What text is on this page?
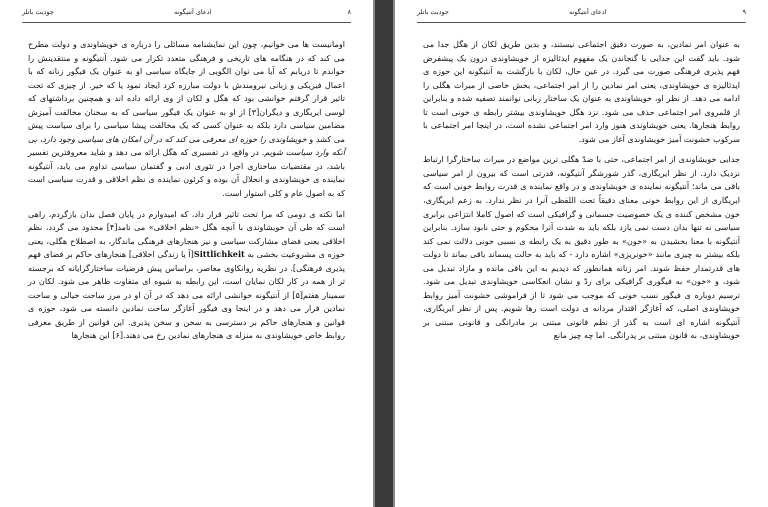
جودیث باتلر	ادعای آنتیگونه	۸

اومانیست ها می خوانیم، چون این نمایشنامه مسائلی را درباره ی خویشاوندی و دولت مطرح می کند که در هنگامه های تاریخی و فرهنگی متعدد تکرار می شود. آنتیگونه و منتقدینش را خواندم تا دریابم که آیا می توان الگویی از جایگاه سیاسی او به عنوان یک فیگور زنانه که با اعمال فیزیکی و زبانی نیرومندش با دولت مبارزه کرد ایجاد نمود یا که خیر. از چیزی که تحت تاثیر قرار گرفتم خوانشی بود که هگل و لکان از وی ارائه داده اند و همچنین برداشتهای که لوسی ایریگاری و دیگران[۳] از او به عنوان یک فیگور سیاسی که به سخنان مخالفت آمیزش مضامین سیاسی دارد بلکه به عنوان کسی که یک مخالفت پیشا سیاسی را برای سیاست پیش می کشد و خویشاوندی را حوزه ای معرفی می کند که در آن امکان های سیاسی وجود دارد، بی آنکه وارد سیاست شویم. در واقع، در تفسیری که هگل ارائه می دهد و شاید معروفترین تفسیر باشد، در مقتضیات ساختاری اجرا در تئوری ادبی و گفتمان سیاسی تداوم می یابد، آنتیگونه نماینده ی خویشاوندی و انحلال آن بوده و کرئون نماینده ی نظم اخلاقی و قدرت سیاسی است که به اصول عام و کلی استوار است.

اما نکته ی دومی که مرا تحت تاثیر قرار داد، که امیدوارم در پایان فصل بدان بازگردم، راهی است که طی آن خویشاوندی با آنچه هگل «نظم اخلاقی» می نامد[۴] محدود می گردد، نظم اخلاقی یعنی فضای مشارکت سیاسی و نیز هنجارهای فرهنگی ماندگار، به اصطلاح هگلی، یعنی حوزه ی مشروعیت بخشی به Sittlichkeit[آ یا زندگی اخلاقی] هنجارهای حاکم بر فضای فهم پذیری فرهنگی]. در نظریه روانکاوی معاصر، براساس پیش فرضیات ساختارگرایانه که برجسته تر از همه در کار لکان نمایان است، این رابطه به شیوه ای متفاوت ظاهر می شود. لکان در سمینار هفتم[۵] از آنتیگونه خوانشی ارائه می دهد که در آن او در مرز ساحت خیالی و ساحت نمادین قرار می دهد و در اینجا وی فیگور آغازگر ساحت نمادین دانسته می شود، حوزه ی قوانین و هنجارهای حاکم بر دسترسی به سخن و سخن پذیری. این قوانین از طریق معرفی روابط خاص خویشاوندی به منزله ی هنجارهای نمادین رخ می دهند.[۶] این هنجارها

جودیث باتلر	ادعای آنتیگونه	۹

به عنوان امر نمادین، به صورت دقیق اجتماعی نیستند، و بدین طریق لکان از هگل جدا می شود. باید گفت این جدایی با گنجاندن یک مفهوم ایدئالیزه از خویشاوندی درون یک پیشفرض فهم پذیری فرهنگی صورت می گیرد. در عین حال، لکان با بازگشت به آنتیگونه این حوزه ی ایدئالیزه ی خویشاوندی، یعنی امر نمادین را از امر اجتماعی، بخش خاصی از میراث هگلی را ادامه می دهد. از نظر او، خویشاوندی به عنوان یک ساختار زبانی توانمند تصفیه شده و بنابراین از قلمروی امر اجتماعی حذف می شود. نزد هگل خویشاوندی بیشتر رابطه ی خونی است تا روابط هنجارها. یعنی خویشاوندی هنوز وارد امر اجتماعی نشده است، در اینجا امر اجتماعی با سرکوب خشونت آمیز خویشاوندی آغاز می شود.

جدایی خویشاوندی از امر اجتماعی، حتی با ضدّ هگلی ترین مواضع در میراث ساختارگرا ارتباط نزدیک دارد. از نظر ایریگاری، گذر شورشگر آنتیگونه، قدرتی است که بیرون از امر سیاسی باقی می ماند؛ آنتیگونه نماینده ی خویشاوندی و در واقع نماینده ی قدرت روابط خونی است که ایریگاری از این روابط خونی معنای دقیقاً تحت اللفظی آنرا در نظر ندارد. به زعم ایریگاری، خون مشخص کننده ی یک خصوصیت جسمانی و گرافیکی است که اصول کاملا انتزاعی برابری سیاسی نه تنها بدان دست نمی یازد بلکه باید به شدت آنرا محکوم و حتی نابود سازد. بنابراین آنتیگونه با معنا بخشیدن به «خون» به طور دقیق به یک رابطه ی نسبی خونی دلالت نمی کند بلکه بیشتر به چیزی مانند «خونریزی» اشاره دارد - که باید به حالت پسماند باقی بماند تا دولت های قدرتمدار حفظ شوند. امر زنانه همانطور که دیدیم به این باقی مانده و مازاد تبدیل می شود، و «خون» به فیگوری گرافیکی برای ردّ و نشان انعکاسی خویشاوندی تبدیل می شود. ترسیم دوباره ی فیگور نسب خونی که موجب می شود تا از فراموشی خشونت آمیز روابط خویشاوندی اصلی، که آغازگر اقتدار مردانه ی دولت است رها شویم. پس از نظر ایریگاری، آنتیگونه اشاره ای است به گذر از نظم قانونی مبتنی بر مادرانگی و قانونی مبتنی بر خویشاوندی، به قانون مبتنی بر پدرانگی. اما چه چیز مانع
